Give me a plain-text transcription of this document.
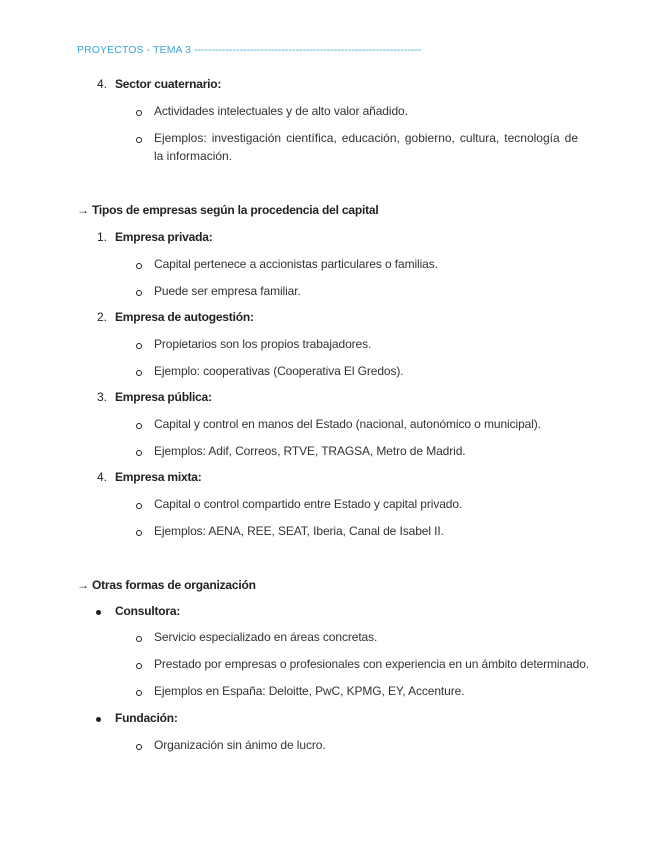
PROYECTOS - TEMA 3 -----------------------------------------------------------------
4. Sector cuaternario:
Actividades intelectuales y de alto valor añadido.
Ejemplos: investigación científica, educación, gobierno, cultura, tecnología de la información.
→ Tipos de empresas según la procedencia del capital
1. Empresa privada:
Capital pertenece a accionistas particulares o familias.
Puede ser empresa familiar.
2. Empresa de autogestión:
Propietarios son los propios trabajadores.
Ejemplo: cooperativas (Cooperativa El Gredos).
3. Empresa pública:
Capital y control en manos del Estado (nacional, autonómico o municipal).
Ejemplos: Adif, Correos, RTVE, TRAGSA, Metro de Madrid.
4. Empresa mixta:
Capital o control compartido entre Estado y capital privado.
Ejemplos: AENA, REE, SEAT, Iberia, Canal de Isabel II.
→ Otras formas de organización
Consultora:
Servicio especializado en áreas concretas.
Prestado por empresas o profesionales con experiencia en un ámbito determinado.
Ejemplos en España: Deloitte, PwC, KPMG, EY, Accenture.
Fundación:
Organización sin ánimo de lucro.
